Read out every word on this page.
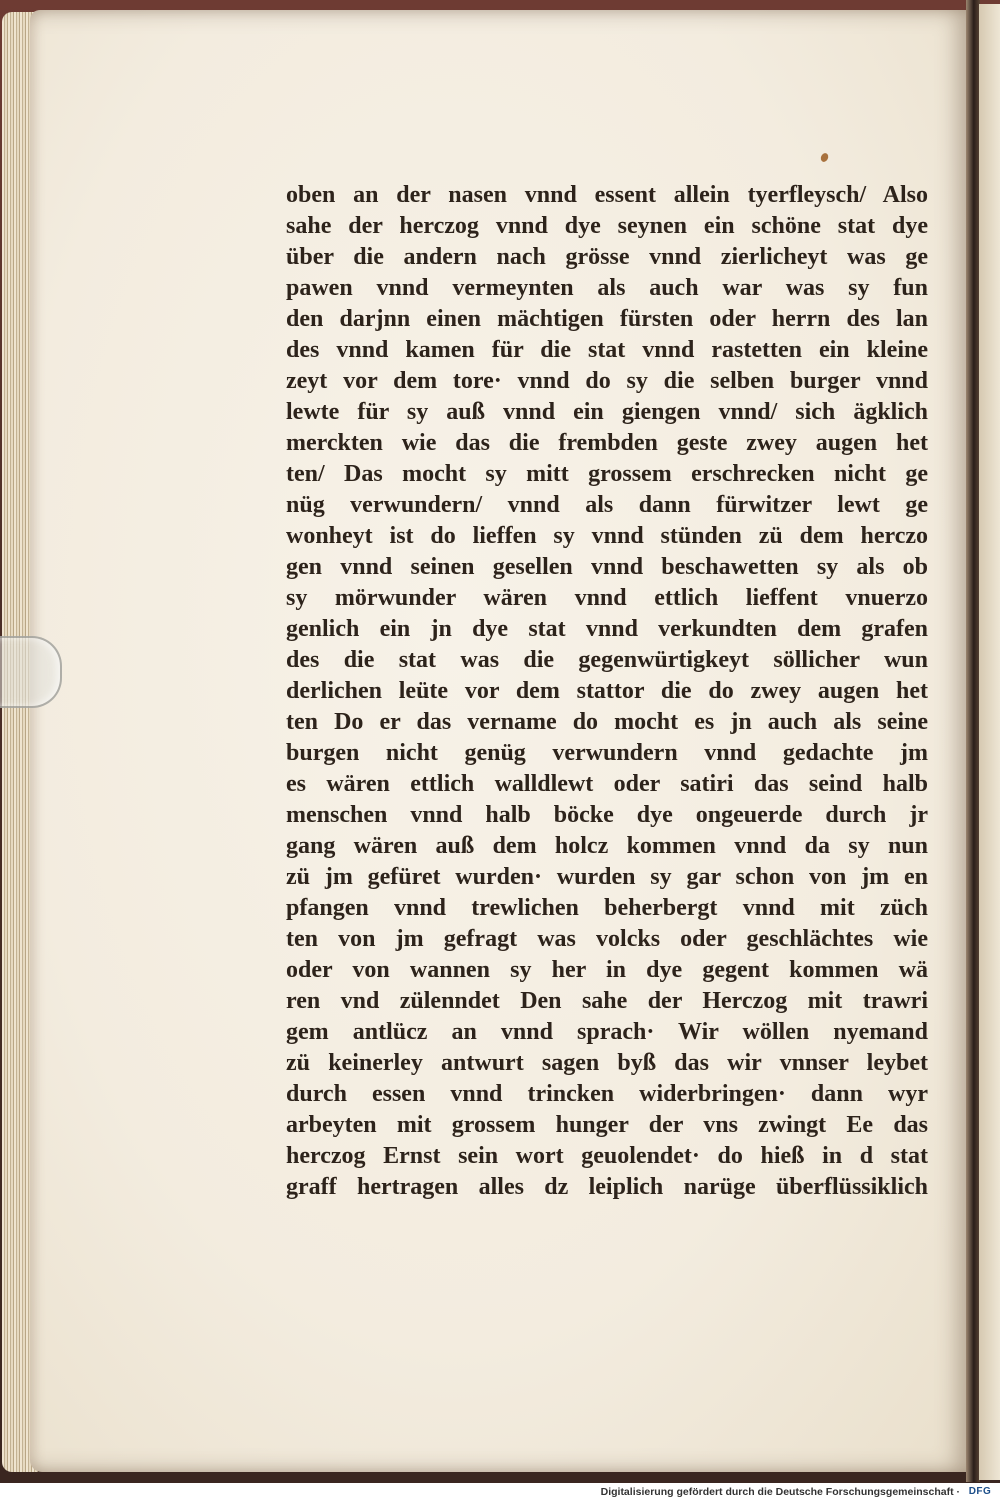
oben an der nasen vnnd essent allein tyerfleysch/ Also
sahe der herczog vnnd dye seynen ein schöne stat dye
über die andern nach grösse vnnd zierlicheyt was ge
pawen vnnd vermeynten als auch war was sy fun
den darjnn einen mächtigen fürsten oder herrn des lan
des vnnd kamen für die stat vnnd rastetten ein kleine
zeyt vor dem tore· vnnd do sy die selben burger vnnd
lewte für sy auß vnnd ein giengen vnnd/ sich ägklich
merckten wie das die frembden geste zwey augen het
ten/ Das mocht sy mitt grossem erschrecken nicht ge
nüg verwundern/ vnnd als dann fürwitzer lewt ge
wonheyt ist do lieffen sy vnnd stünden zü dem herczo
gen vnnd seinen gesellen vnnd beschawetten sy als ob
sy mörwunder wären vnnd ettlich lieffent vnuerzo
genlich ein jn dye stat vnnd verkundten dem grafen
des die stat was die gegenwürtigkeyt söllicher wun
derlichen leüte vor dem stattor die do zwey augen het
ten Do er das vername do mocht es jn auch als seine
burgen nicht genüg verwundern vnnd gedachte jm
es wären ettlich walldlewt oder satiri das seind halb
menschen vnnd halb böcke dye ongeuerde durch jr
gang wären auß dem holcz kommen vnnd da sy nun
zü jm gefüret wurden· wurden sy gar schon von jm en
pfangen vnnd trewlichen beherbergt vnnd mit züch
ten von jm gefragt was volcks oder geschlächtes wie
oder von wannen sy her in dye gegent kommen wä
ren vnd zülenndet Den sahe der Herczog mit trawri
gem antlücz an vnnd sprach· Wir wöllen nyemand
zü keinerley antwurt sagen byß das wir vnnser leybet
durch essen vnnd trincken widerbringen· dann wyr
arbeyten mit grossem hunger der vns zwingt Ee das
herczog Ernst sein wort geuolendet· do hieß in d stat
graff hertragen alles dz leiplich narüge überflüssiklich
Digitalisierung gefördert durch die Deutsche Forschungsgemeinschaft · DFG
